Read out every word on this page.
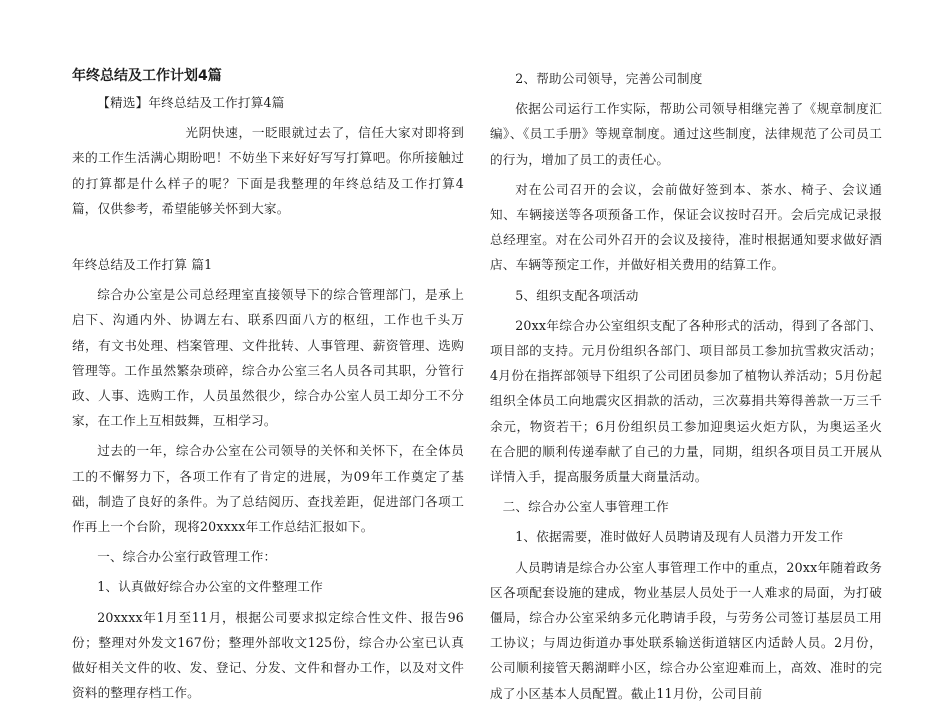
年终总结及工作计划4篇

【精选】年终总结及工作打算4篇

光阴快速，一眨眼就过去了，信任大家对即将到来的工作生活满心期盼吧！不妨坐下来好好写写打算吧。你所接触过的打算都是什么样子的呢？下面是我整理的年终总结及工作打算4篇，仅供参考，希望能够关怀到大家。

年终总结及工作打算 篇1

综合办公室是公司总经理室直接领导下的综合管理部门，是承上启下、沟通内外、协调左右、联系四面八方的枢纽，工作也千头万绪，有文书处理、档案管理、文件批转、人事管理、薪资管理、选购管理等。工作虽然繁杂琐碎，综合办公室三名人员各司其职，分管行政、人事、选购工作，人员虽然很少，综合办公室人员工却分工不分家，在工作上互相鼓舞，互相学习。

过去的一年，综合办公室在公司领导的关怀和关怀下，在全体员工的不懈努力下，各项工作有了肯定的进展，为09年工作奠定了基础，制造了良好的条件。为了总结阅历、查找差距，促进部门各项工作再上一个台阶，现将20xxxx年工作总结汇报如下。

一、综合办公室行政管理工作：

1、认真做好综合办公室的文件整理工作

20xxxx年1月至11月，根据公司要求拟定综合性文件、报告96份；整理对外发文167份；整理外部收文125份，综合办公室已认真做好相关文件的收、发、登记、分发、文件和督办工作，以及对文件资料的整理存档工作。

2、帮助公司领导，完善公司制度

依据公司运行工作实际，帮助公司领导相继完善了《规章制度汇编》、《员工手册》等规章制度。通过这些制度，法律规范了公司员工的行为，增加了员工的责任心。

对在公司召开的会议，会前做好签到本、茶水、椅子、会议通知、车辆接送等各项预备工作，保证会议按时召开。会后完成记录报总经理室。对在公司外召开的会议及接待，准时根据通知要求做好酒店、车辆等预定工作，并做好相关费用的结算工作。

5、组织支配各项活动

20xx年综合办公室组织支配了各种形式的活动，得到了各部门、项目部的支持。元月份组织各部门、项目部员工参加抗雪救灾活动；4月份在指挥部领导下组织了公司团员参加了植物认养活动；5月份起组织全体员工向地震灾区捐款的活动，三次募捐共筹得善款一万三千余元，物资若干；6月份组织员工参加迎奥运火炬方队，为奥运圣火在合肥的顺利传递奉献了自己的力量，同期，组织各项目员工开展从详情入手，提高服务质量大商量活动。

二、综合办公室人事管理工作

1、依据需要，准时做好人员聘请及现有人员潜力开发工作

人员聘请是综合办公室人事管理工作中的重点，20xx年随着政务区各项配套设施的建成，物业基层人员处于一人难求的局面，为打破僵局，综合办公室采纳多元化聘请手段，与劳务公司签订基层员工用工协议；与周边街道办事处联系输送街道辖区内适龄人员。2月份，公司顺利接管天鹅湖畔小区，综合办公室迎难而上，高效、准时的完成了小区基本人员配置。截止11月份，公司目前
